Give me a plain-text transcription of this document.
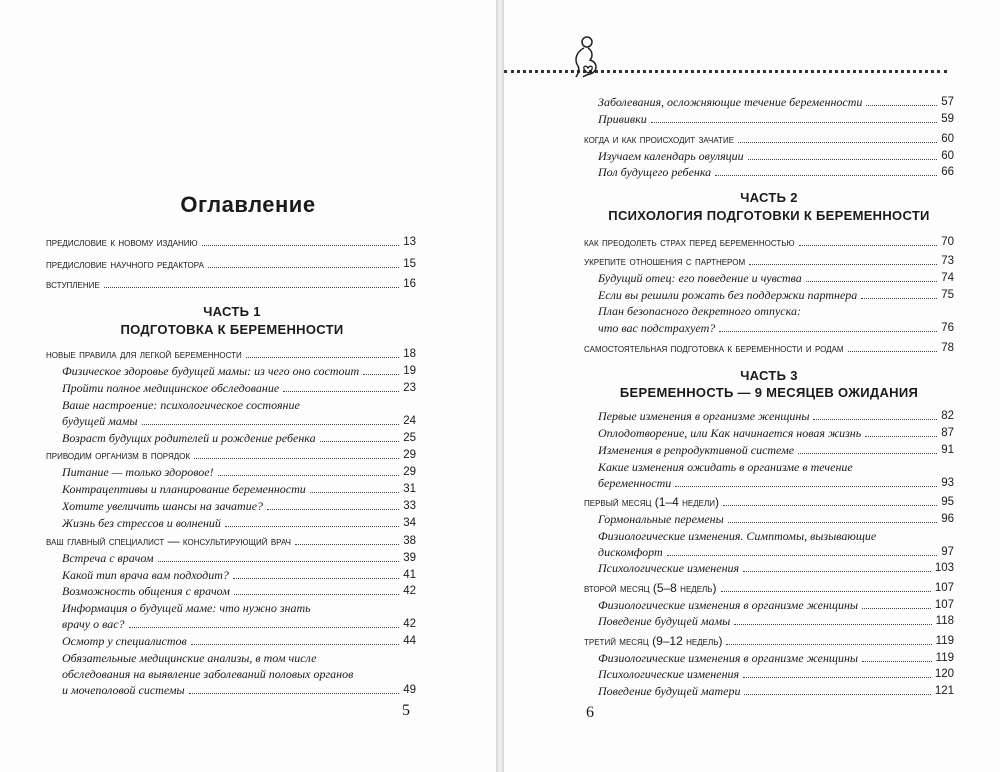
Оглавление
предисловие к новому изданию	13
предисловие научного редактора	15
вступление	16
ЧАСТЬ 1
ПОДГОТОВКА К БЕРЕМЕННОСТИ
новые правила для легкой беременности	18
Физическое здоровье будущей мамы: из чего оно состоит	19
Пройти полное медицинское обследование	23
Ваше настроение: психологическое состояние
будущей мамы	24
Возраст будущих родителей и рождение ребенка	25
приводим организм в порядок	29
Питание — только здоровое!	29
Контрацептивы и планирование беременности	31
Хотите увеличить шансы на зачатие?	33
Жизнь без стрессов и волнений	34
ваш главный специалист — консультирующий врач	38
Встреча с врачом	39
Какой тип врача вам подходит?	41
Возможность общения с врачом	42
Информация о будущей маме: что нужно знать
врачу о вас?	42
Осмотр у специалистов	44
Обязательные медицинские анализы, в том числе
обследования на выявление заболеваний половых органов
и мочеполовой системы	49
5
Заболевания, осложняющие течение беременности	57
Прививки	59
когда и как происходит зачатие	60
Изучаем календарь овуляции	60
Пол будущего ребенка	66
ЧАСТЬ 2
ПСИХОЛОГИЯ ПОДГОТОВКИ К БЕРЕМЕННОСТИ
как преодолеть страх перед беременностью	70
укрепите отношения с партнером	73
Будущий отец: его поведение и чувства	74
Если вы решили рожать без поддержки партнера	75
План безопасного декретного отпуска:
что вас подстрахует?	76
самостоятельная подготовка к беременности и родам	78
ЧАСТЬ 3
БЕРЕМЕННОСТЬ — 9 МЕСЯЦЕВ ОЖИДАНИЯ
Первые изменения в организме женщины	82
Оплодотворение, или Как начинается новая жизнь	87
Изменения в репродуктивной системе	91
Какие изменения ожидать в организме в течение
беременности	93
первый месяц (1–4 недели)	95
Гормональные перемены	96
Физиологические изменения. Симптомы, вызывающие
дискомфорт	97
Психологические изменения	103
второй месяц (5–8 недель)	107
Физиологические изменения в организме женщины	107
Поведение будущей мамы	118
третий месяц (9–12 недель)	119
Физиологические изменения в организме женщины	119
Психологические изменения	120
Поведение будущей матери	121
6
